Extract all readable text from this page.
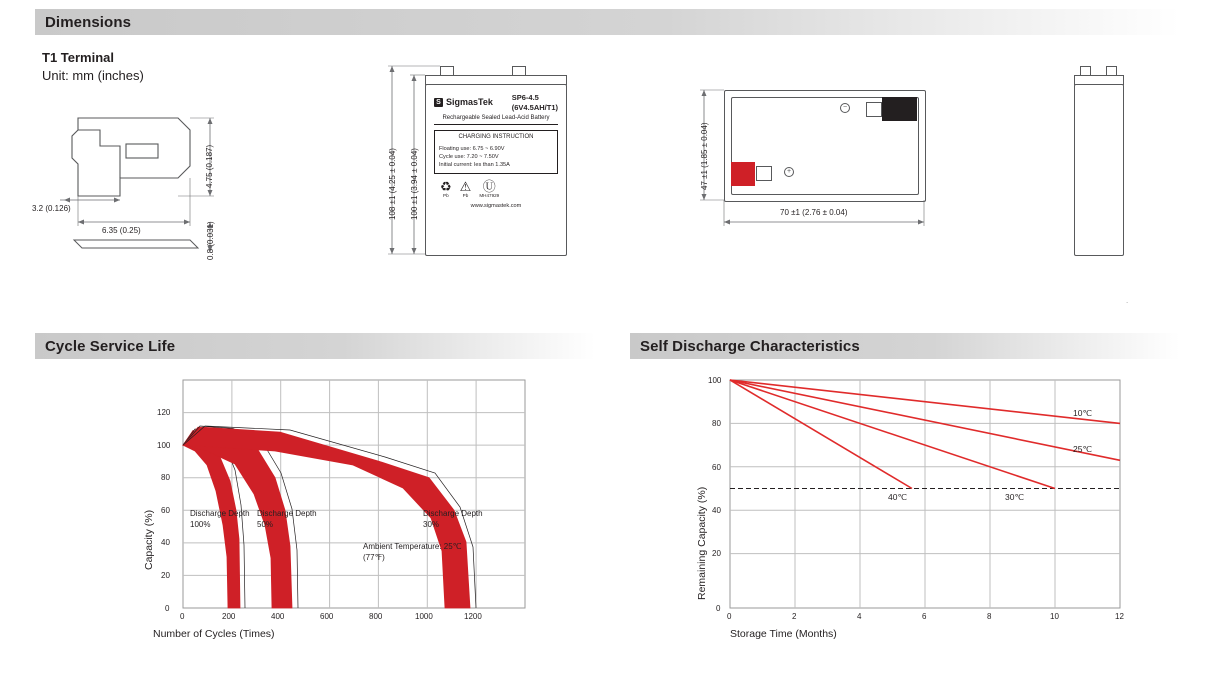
Dimensions
T1 Terminal
Unit: mm (inches)
4.75 (0.187)
0.8 (0.031)
3.2 (0.126)
6.35 (0.25)
S SigmasTek	SP6-4.5
(6V4.5AH/T1)
Rechargeable Sealed Lead-Acid Battery
CHARGING INSTRUCTION
Floating use: 6.75 ~ 6.90V
Cycle use: 7.20 ~ 7.50V
Initial current: les than 1.35A
♻
Pb
⚠
Pb
Ⓤ
MH47929
www.sigmastek.com
108 ±1 (4.25 ± 0.04) 100 ±1 (3.94 ± 0.04)
−
+
47 ±1 (1.85 ± 0.04)
70 ±1 (2.76 ± 0.04)
.
Cycle Service Life
0
20
40
60
80
100
120
0	200	400	600	800	1000	1200
Discharge Depth 100%
Discharge Depth 50%
Discharge Depth 30%
Ambient Temperature: 25℃ (77℉)
Capacity (%)
Number of Cycles (Times)
Self Discharge Characteristics
0
20
40
60
80
100
0	2	4	6	8	10	12
10℃
25℃
30℃
40℃
Remaining Capacity (%)
Storage Time (Months)
